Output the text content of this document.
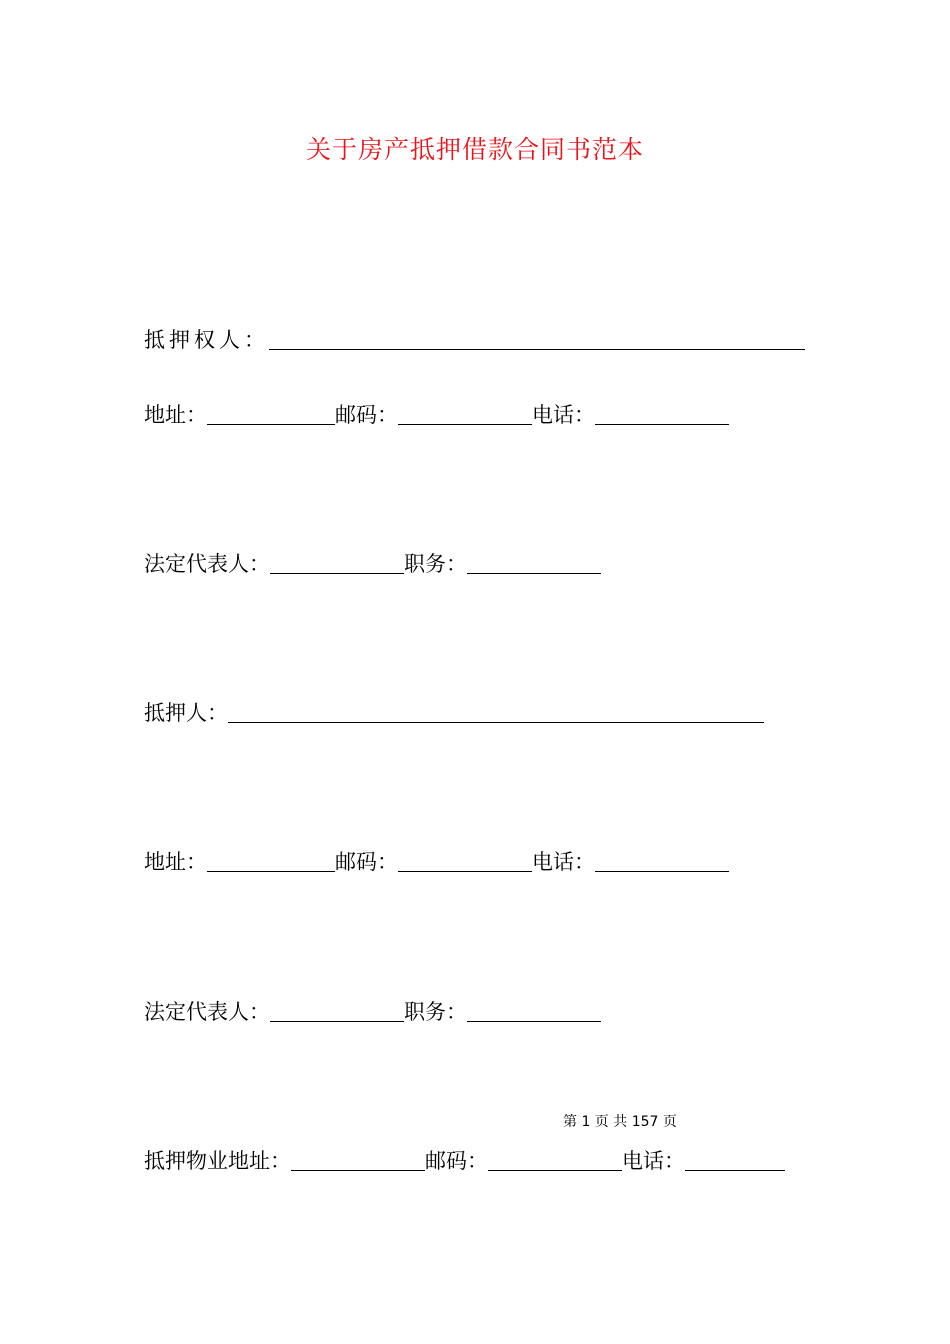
关于房产抵押借款合同书范本
抵押权人：
地址：	邮码：	电话：
法定代表人：	职务：
抵押人：
地址：	邮码：	电话：
法定代表人：	职务：
第 1 页 共 157 页
抵押物业地址：	邮码：	电话：
